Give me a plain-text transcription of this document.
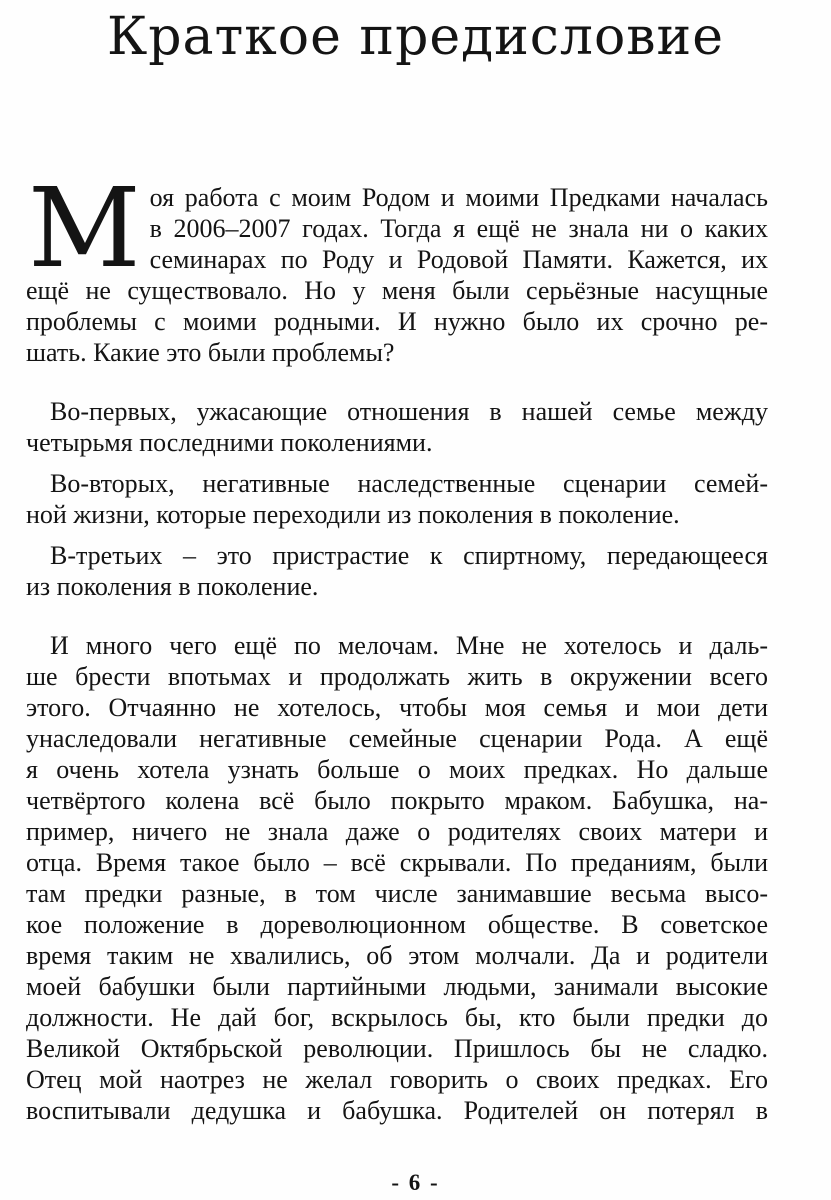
Краткое предисловие
М оя работа с моим Родом и моими Предками началась
в 2006–2007 годах. Тогда я ещё не знала ни о каких
семинарах по Роду и Родовой Памяти. Кажется, их
ещё не существовало. Но у меня были серьёзные насущные
проблемы с моими родными. И нужно было их срочно ре-
шать. Какие это были проблемы?
Во-первых, ужасающие отношения в нашей семье между
четырьмя последними поколениями.
Во-вторых, негативные наследственные сценарии семей-
ной жизни, которые переходили из поколения в поколение.
В-третьих – это пристрастие к спиртному, передающееся
из поколения в поколение.
И много чего ещё по мелочам. Мне не хотелось и даль-
ше брести впотьмах и продолжать жить в окружении всего
этого. Отчаянно не хотелось, чтобы моя семья и мои дети
унаследовали негативные семейные сценарии Рода. А ещё
я очень хотела узнать больше о моих предках. Но дальше
четвёртого колена всё было покрыто мраком. Бабушка, на-
пример, ничего не знала даже о родителях своих матери и
отца. Время такое было – всё скрывали. По преданиям, были
там предки разные, в том числе занимавшие весьма высо-
кое положение в дореволюционном обществе. В советское
время таким не хвалились, об этом молчали. Да и родители
моей бабушки были партийными людьми, занимали высокие
должности. Не дай бог, вскрылось бы, кто были предки до
Великой Октябрьской революции. Пришлось бы не сладко.
Отец мой наотрез не желал говорить о своих предках. Его
воспитывали дедушка и бабушка. Родителей он потерял в
- 6 -
